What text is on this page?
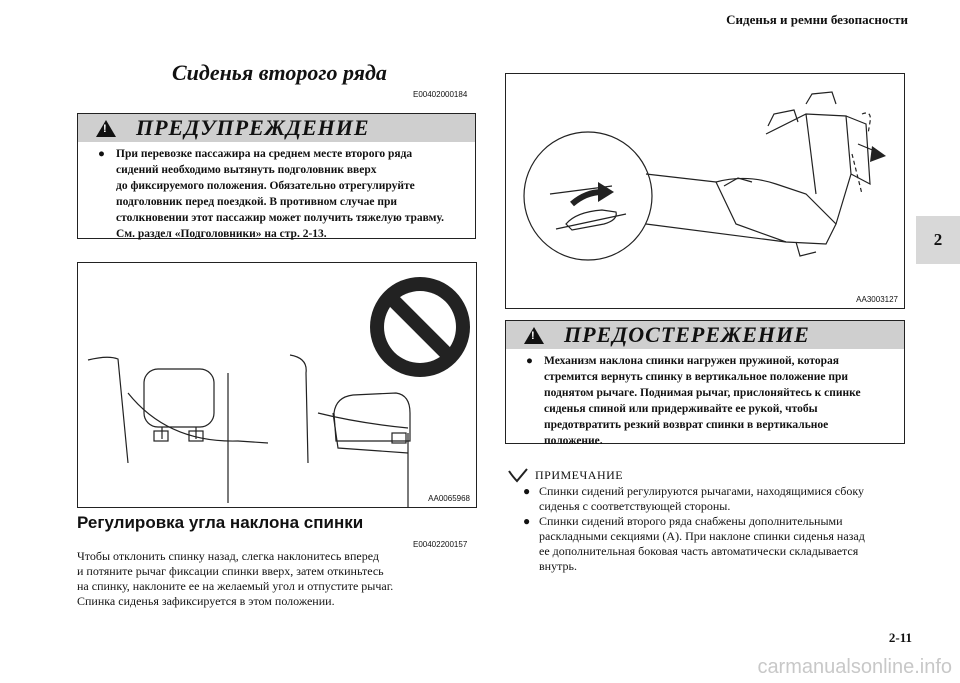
Сиденья и ремни безопасности
2
Сиденья второго ряда
E00402000184
!
ПРЕДУПРЕЖДЕНИЕ
● При перевозке пассажира на среднем месте второго ряда
сидений необходимо вытянуть подголовник вверх
до фиксируемого положения. Обязательно отрегулируйте
подголовник перед поездкой. В противном случае при
столкновении этот пассажир может получить тяжелую травму.
См. раздел «Подголовники» на стр. 2-13.
AA0065968
Регулировка угла наклона спинки
E00402200157
Чтобы отклонить спинку назад, слегка наклонитесь вперед
и потяните рычаг фиксации спинки вверх, затем откиньтесь
на спинку, наклоните ее на желаемый угол и отпустите рычаг.
Спинка сиденья зафиксируется в этом положении.
AA3003127
!
ПРЕДОСТЕРЕЖЕНИЕ
● Механизм наклона спинки нагружен пружиной, которая
стремится вернуть спинку в вертикальное положение при
поднятом рычаге. Поднимая рычаг, прислоняйтесь к спинке
сиденья спиной или придерживайте ее рукой, чтобы
предотвратить резкий возврат спинки в вертикальное
положение.
ПРИМЕЧАНИЕ
● Спинки сидений регулируются рычагами, находящимися сбоку
сиденья с соответствующей стороны.
● Спинки сидений второго ряда снабжены дополнительными
раскладными секциями (А). При наклоне спинки сиденья назад
ее дополнительная боковая часть автоматически складывается
внутрь.
2-11
carmanualsonline.info
